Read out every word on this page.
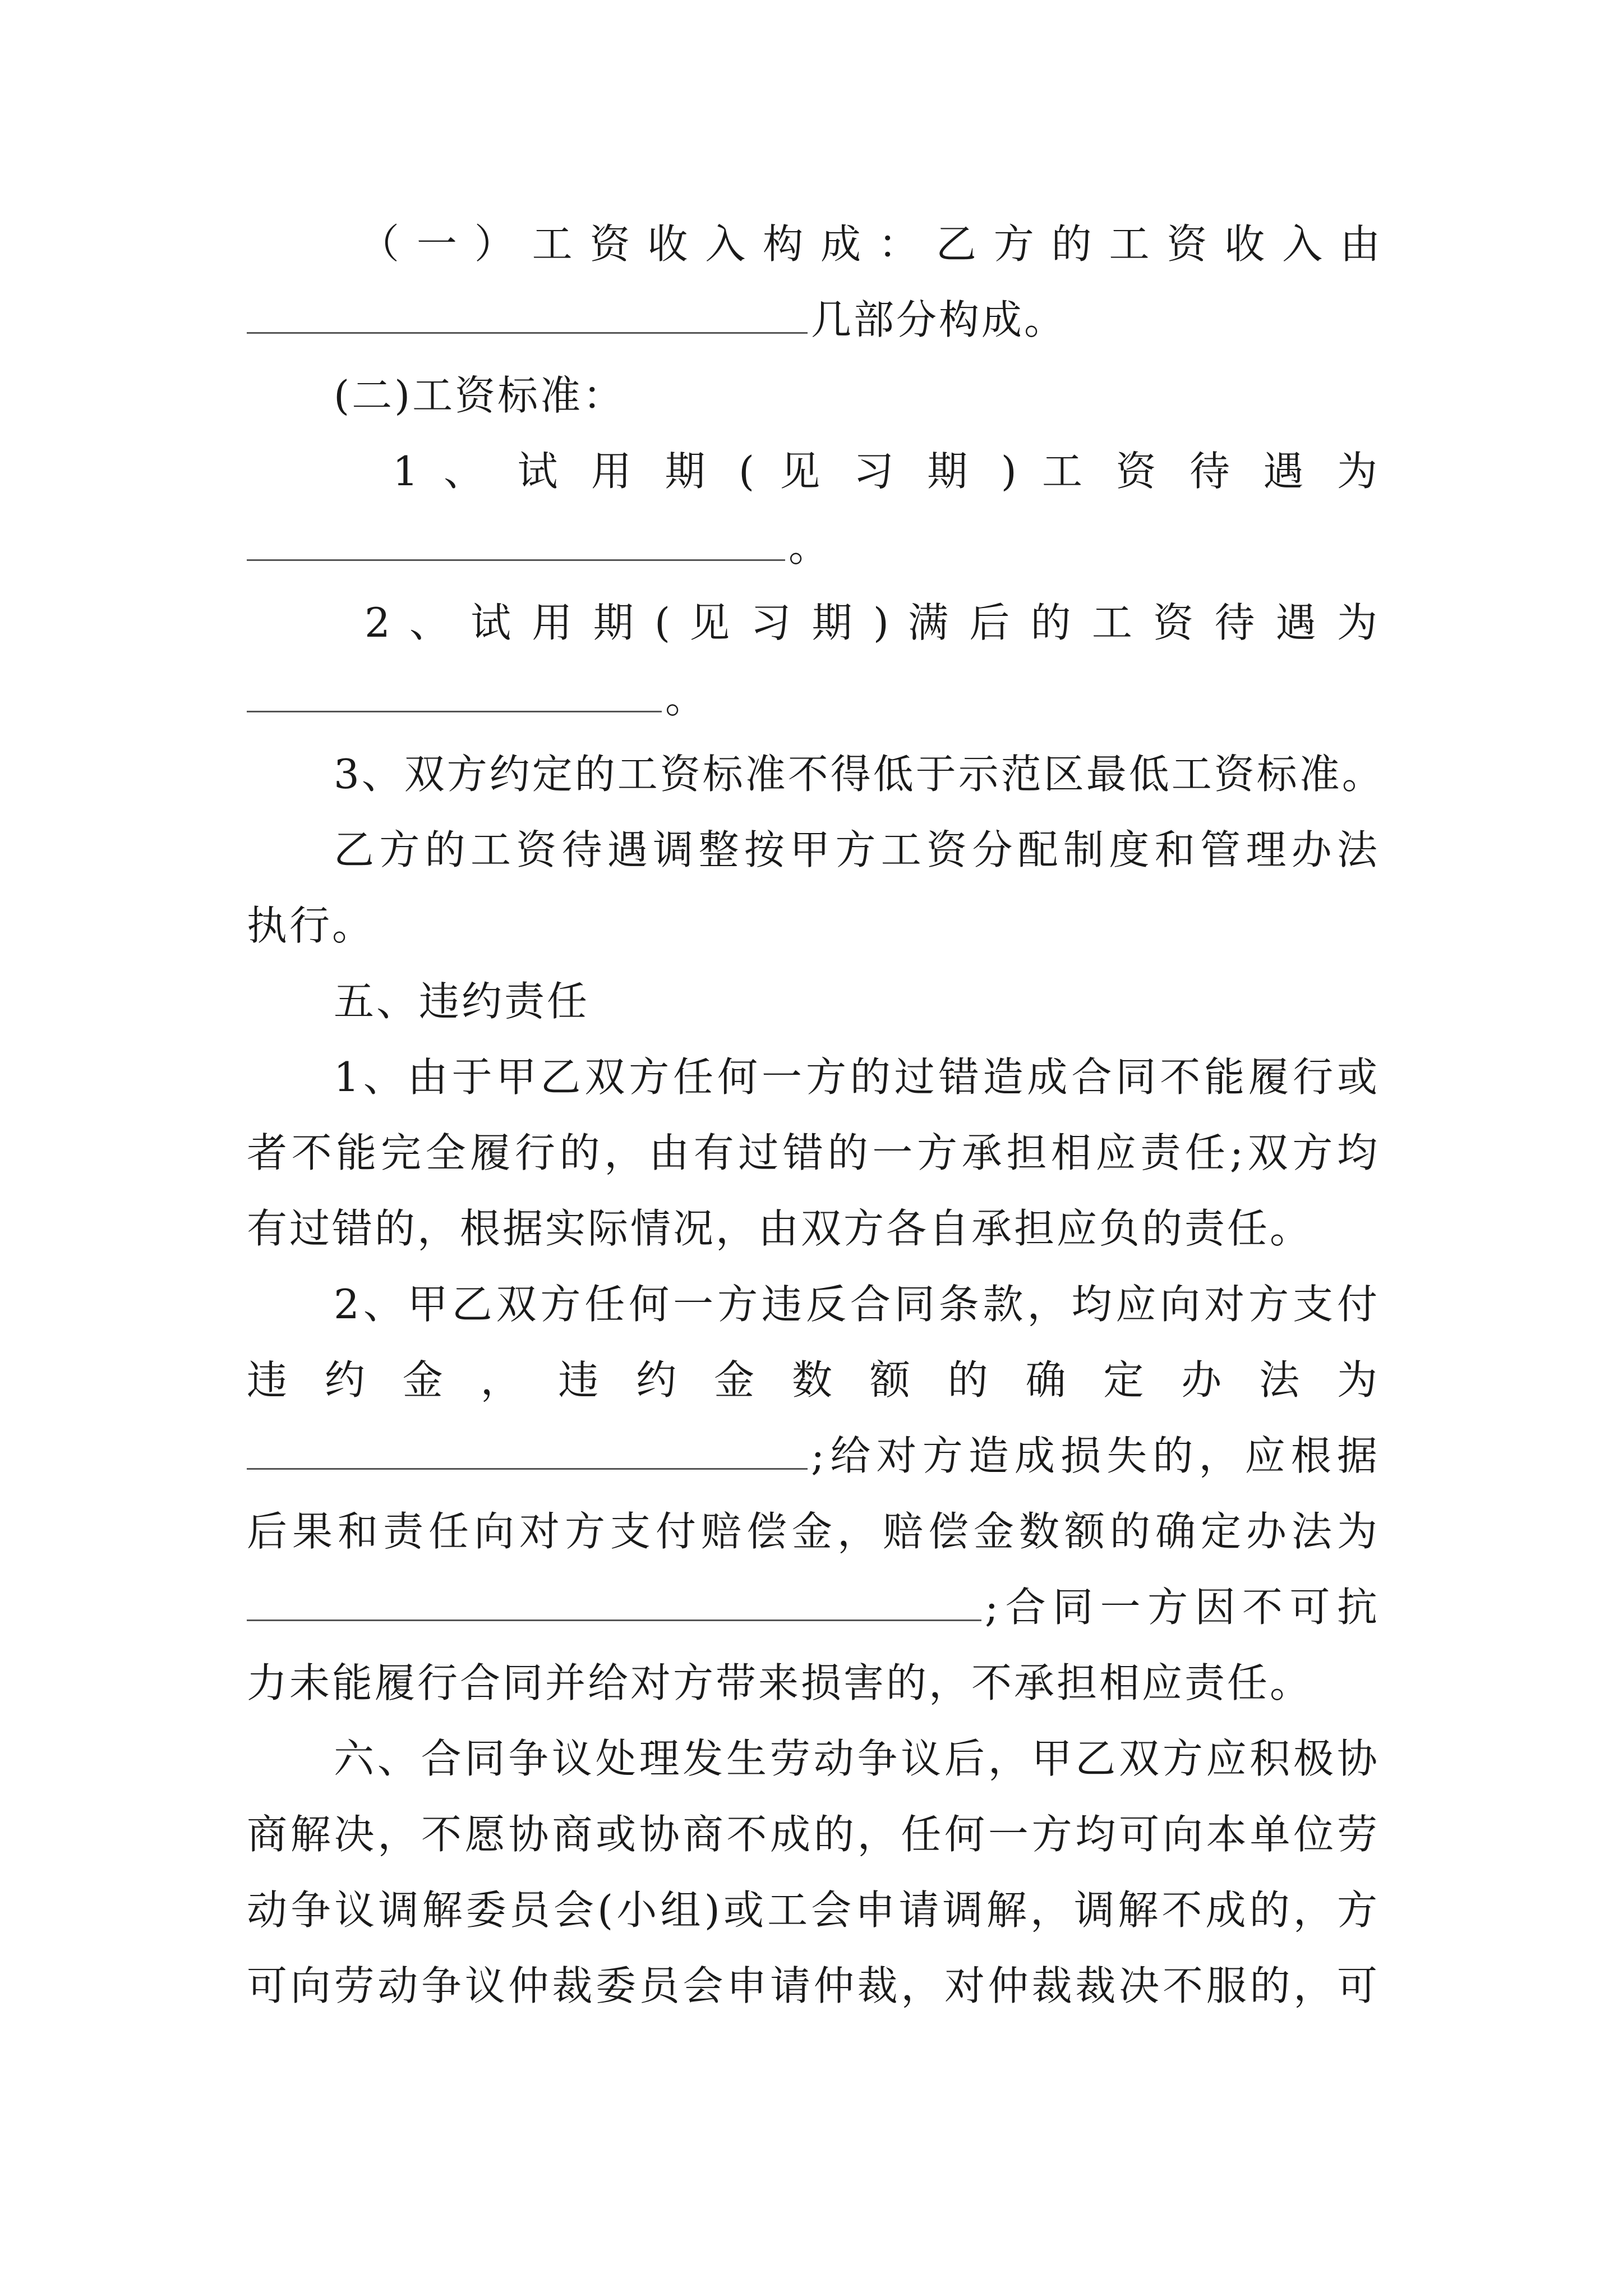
（ 一 ） 工 资 收 入 构 成 ： 乙 方 的 工 资 收 入 由
几部分构成。
(二)工资标准：
1 、 试 用 期 ( 见 习 期 ) 工 资 待 遇 为
。
2 、 试 用 期 ( 见 习 期 ) 满 后 的 工 资 待 遇 为
。
3、双方约定的工资标准不得低于示范区最低工资标准。
乙方的工资待遇调整按甲方工资分配制度和管理办法
执行。
五、违约责任
1、由于甲乙双方任何一方的过错造成合同不能履行或
者不能完全履行的，由有过错的一方承担相应责任;双方均
有过错的，根据实际情况，由双方各自承担应负的责任。
2、甲乙双方任何一方违反合同条款，均应向对方支付
违 约 金 ， 违 约 金 数 额 的 确 定 办 法 为
;给对方造成损失的，应根据
后果和责任向对方支付赔偿金，赔偿金数额的确定办法为
;合同一方因不可抗
力未能履行合同并给对方带来损害的，不承担相应责任。
六、合同争议处理发生劳动争议后，甲乙双方应积极协
商解决，不愿协商或协商不成的，任何一方均可向本单位劳
动争议调解委员会(小组)或工会申请调解，调解不成的，方
可向劳动争议仲裁委员会申请仲裁，对仲裁裁决不服的，可
